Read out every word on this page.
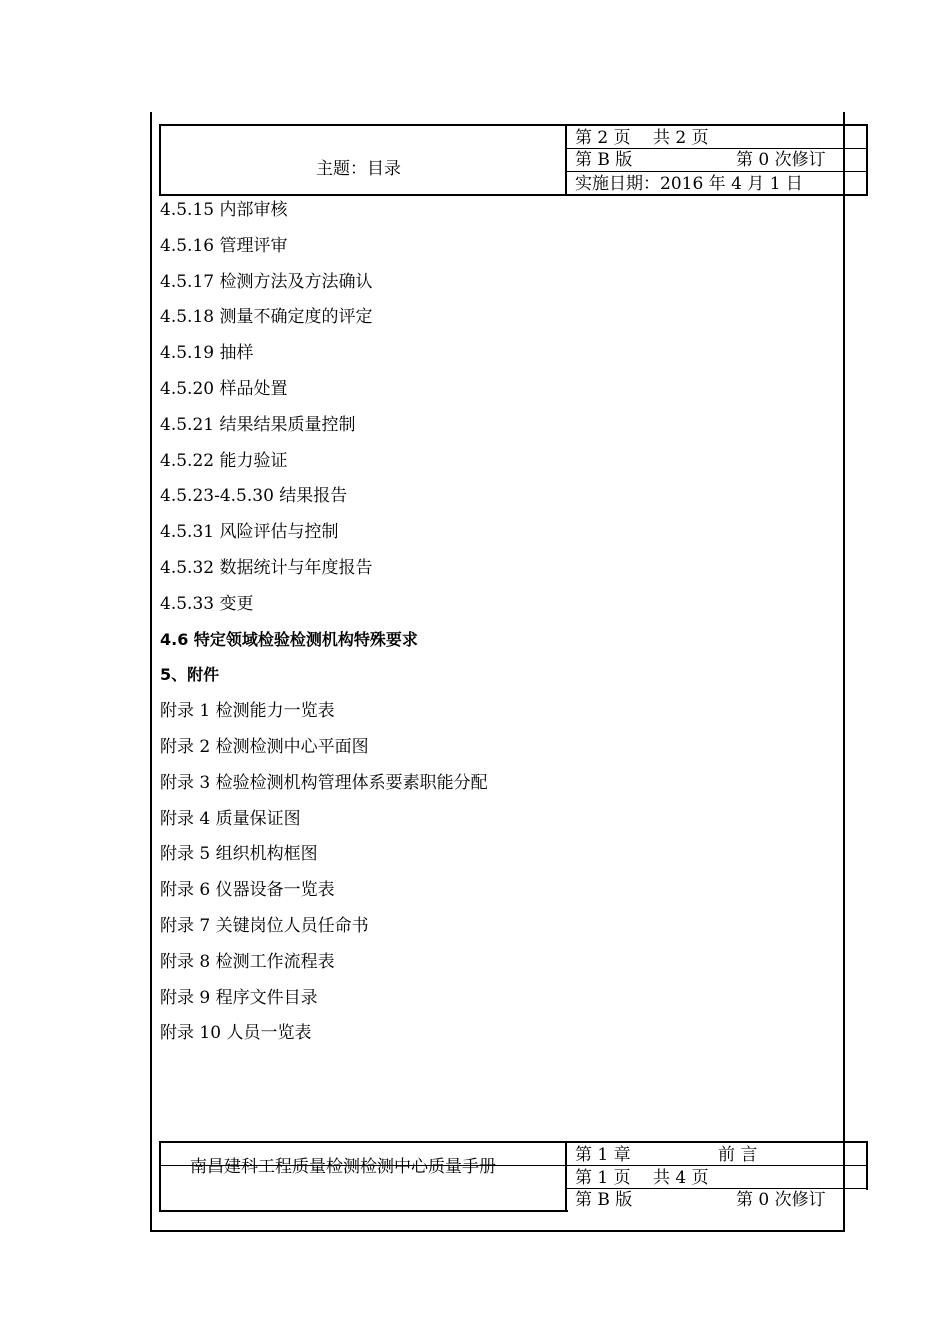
主题：目录
第 2 页　 共 2 页
第 B 版	第 0 次修订
实施日期：2016 年 4 月 1 日
4.5.15 内部审核
4.5.16 管理评审
4.5.17 检测方法及方法确认
4.5.18 测量不确定度的评定
4.5.19 抽样
4.5.20 样品处置
4.5.21 结果结果质量控制
4.5.22 能力验证
4.5.23-4.5.30 结果报告
4.5.31 风险评估与控制
4.5.32 数据统计与年度报告
4.5.33 变更
4.6 特定领域检验检测机构特殊要求
5、附件
附录 1 检测能力一览表
附录 2 检测检测中心平面图
附录 3 检验检测机构管理体系要素职能分配
附录 4 质量保证图
附录 5 组织机构框图
附录 6 仪器设备一览表
附录 7 关键岗位人员任命书
附录 8 检测工作流程表
附录 9 程序文件目录
附录 10 人员一览表
南昌建科工程质量检测检测中心质量手册
第 1 章	前 言
第 1 页　 共 4 页
第 B 版	第 0 次修订
